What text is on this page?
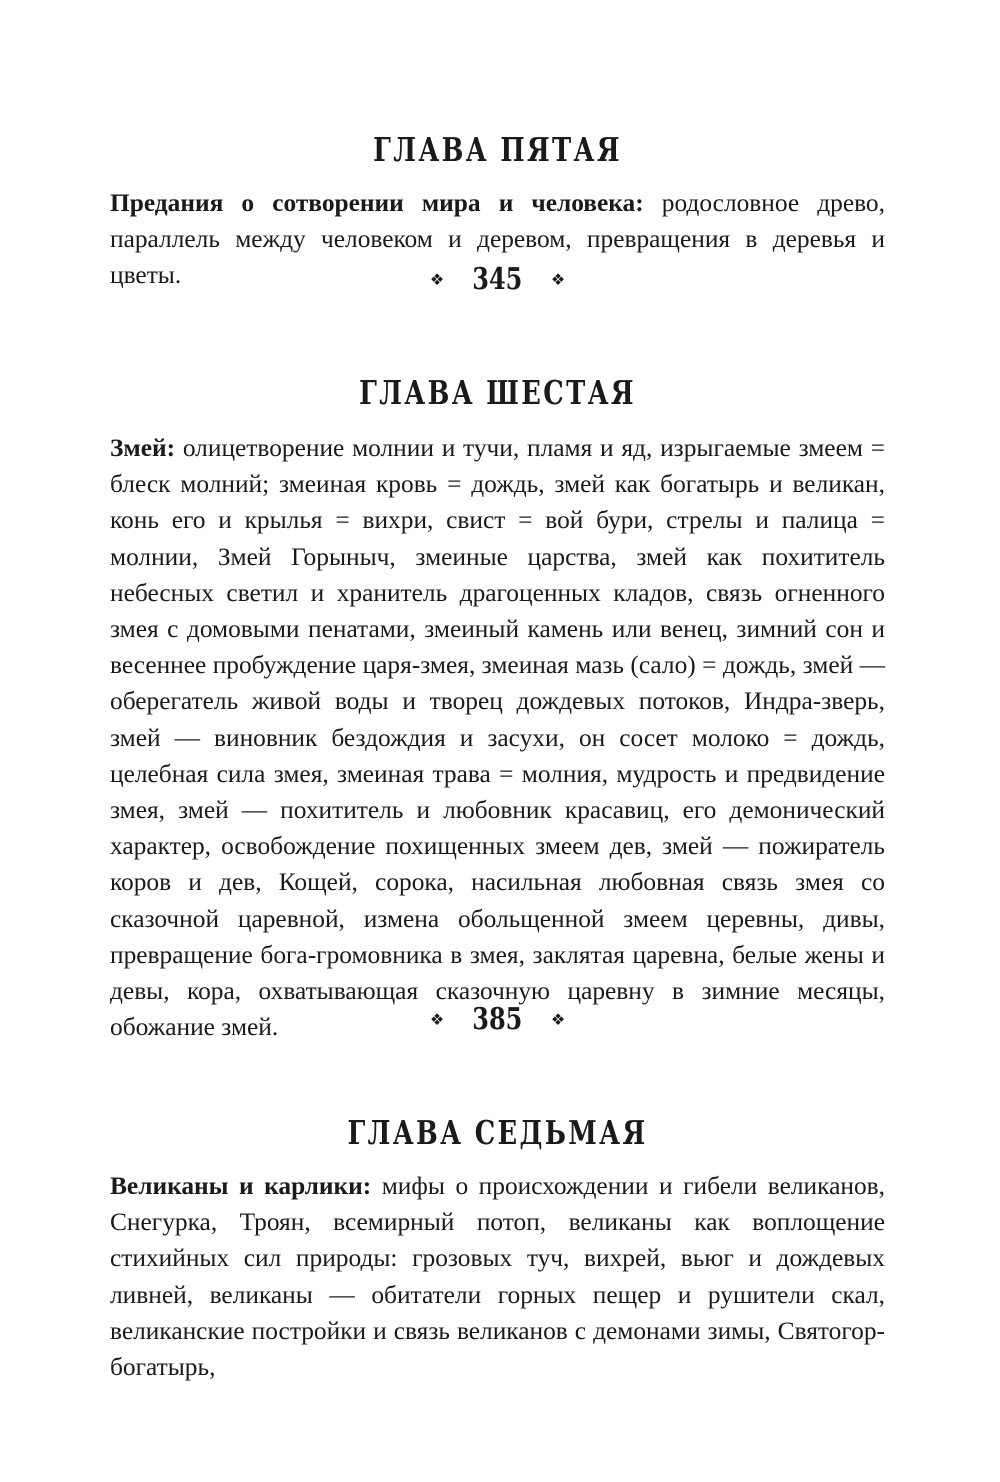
ГЛАВА ПЯТАЯ

Предания о сотворении мира и человека: родословное древо, параллель между человеком и деревом, превращения в деревья и цветы.	❖ 345 ❖
ГЛАВА ШЕСТАЯ

Змей: олицетворение молнии и тучи, пламя и яд, изрыгаемые змеем = блеск молний; змеиная кровь = дождь, змей как богатырь и великан, конь его и крылья = вихри, свист = вой бури, стрелы и палица = молнии, Змей Горыныч, змеиные царства, змей как похититель небесных светил и хранитель драгоценных кладов, связь огненного змея с домовыми пенатами, змеиный камень или венец, зимний сон и весеннее пробуждение царя-змея, змеиная мазь (сало) = дождь, змей — оберегатель живой воды и творец дождевых потоков, Индра-зверь, змей — виновник бездождия и засухи, он сосет молоко = дождь, целебная сила змея, змеиная трава = молния, мудрость и предвидение змея, змей — похититель и любовник красавиц, его демонический характер, освобождение похищенных змеем дев, змей — пожиратель коров и дев, Кощей, сорока, насильная любовная связь змея со сказочной царевной, измена обольщенной змеем церевны, дивы, превращение бога-громовника в змея, заклятая царевна, белые жены и девы, кора, охватывающая сказочную царевну в зимние месяцы, обожание змей.	❖ 385 ❖
ГЛАВА СЕДЬМАЯ

Великаны и карлики: мифы о происхождении и гибели великанов, Снегурка, Троян, всемирный потоп, великаны как воплощение стихийных сил природы: грозовых туч, вихрей, вьюг и дождевых ливней, великаны — обитатели горных пещер и рушители скал, великанские постройки и связь великанов с демонами зимы, Святогор-богатырь,
